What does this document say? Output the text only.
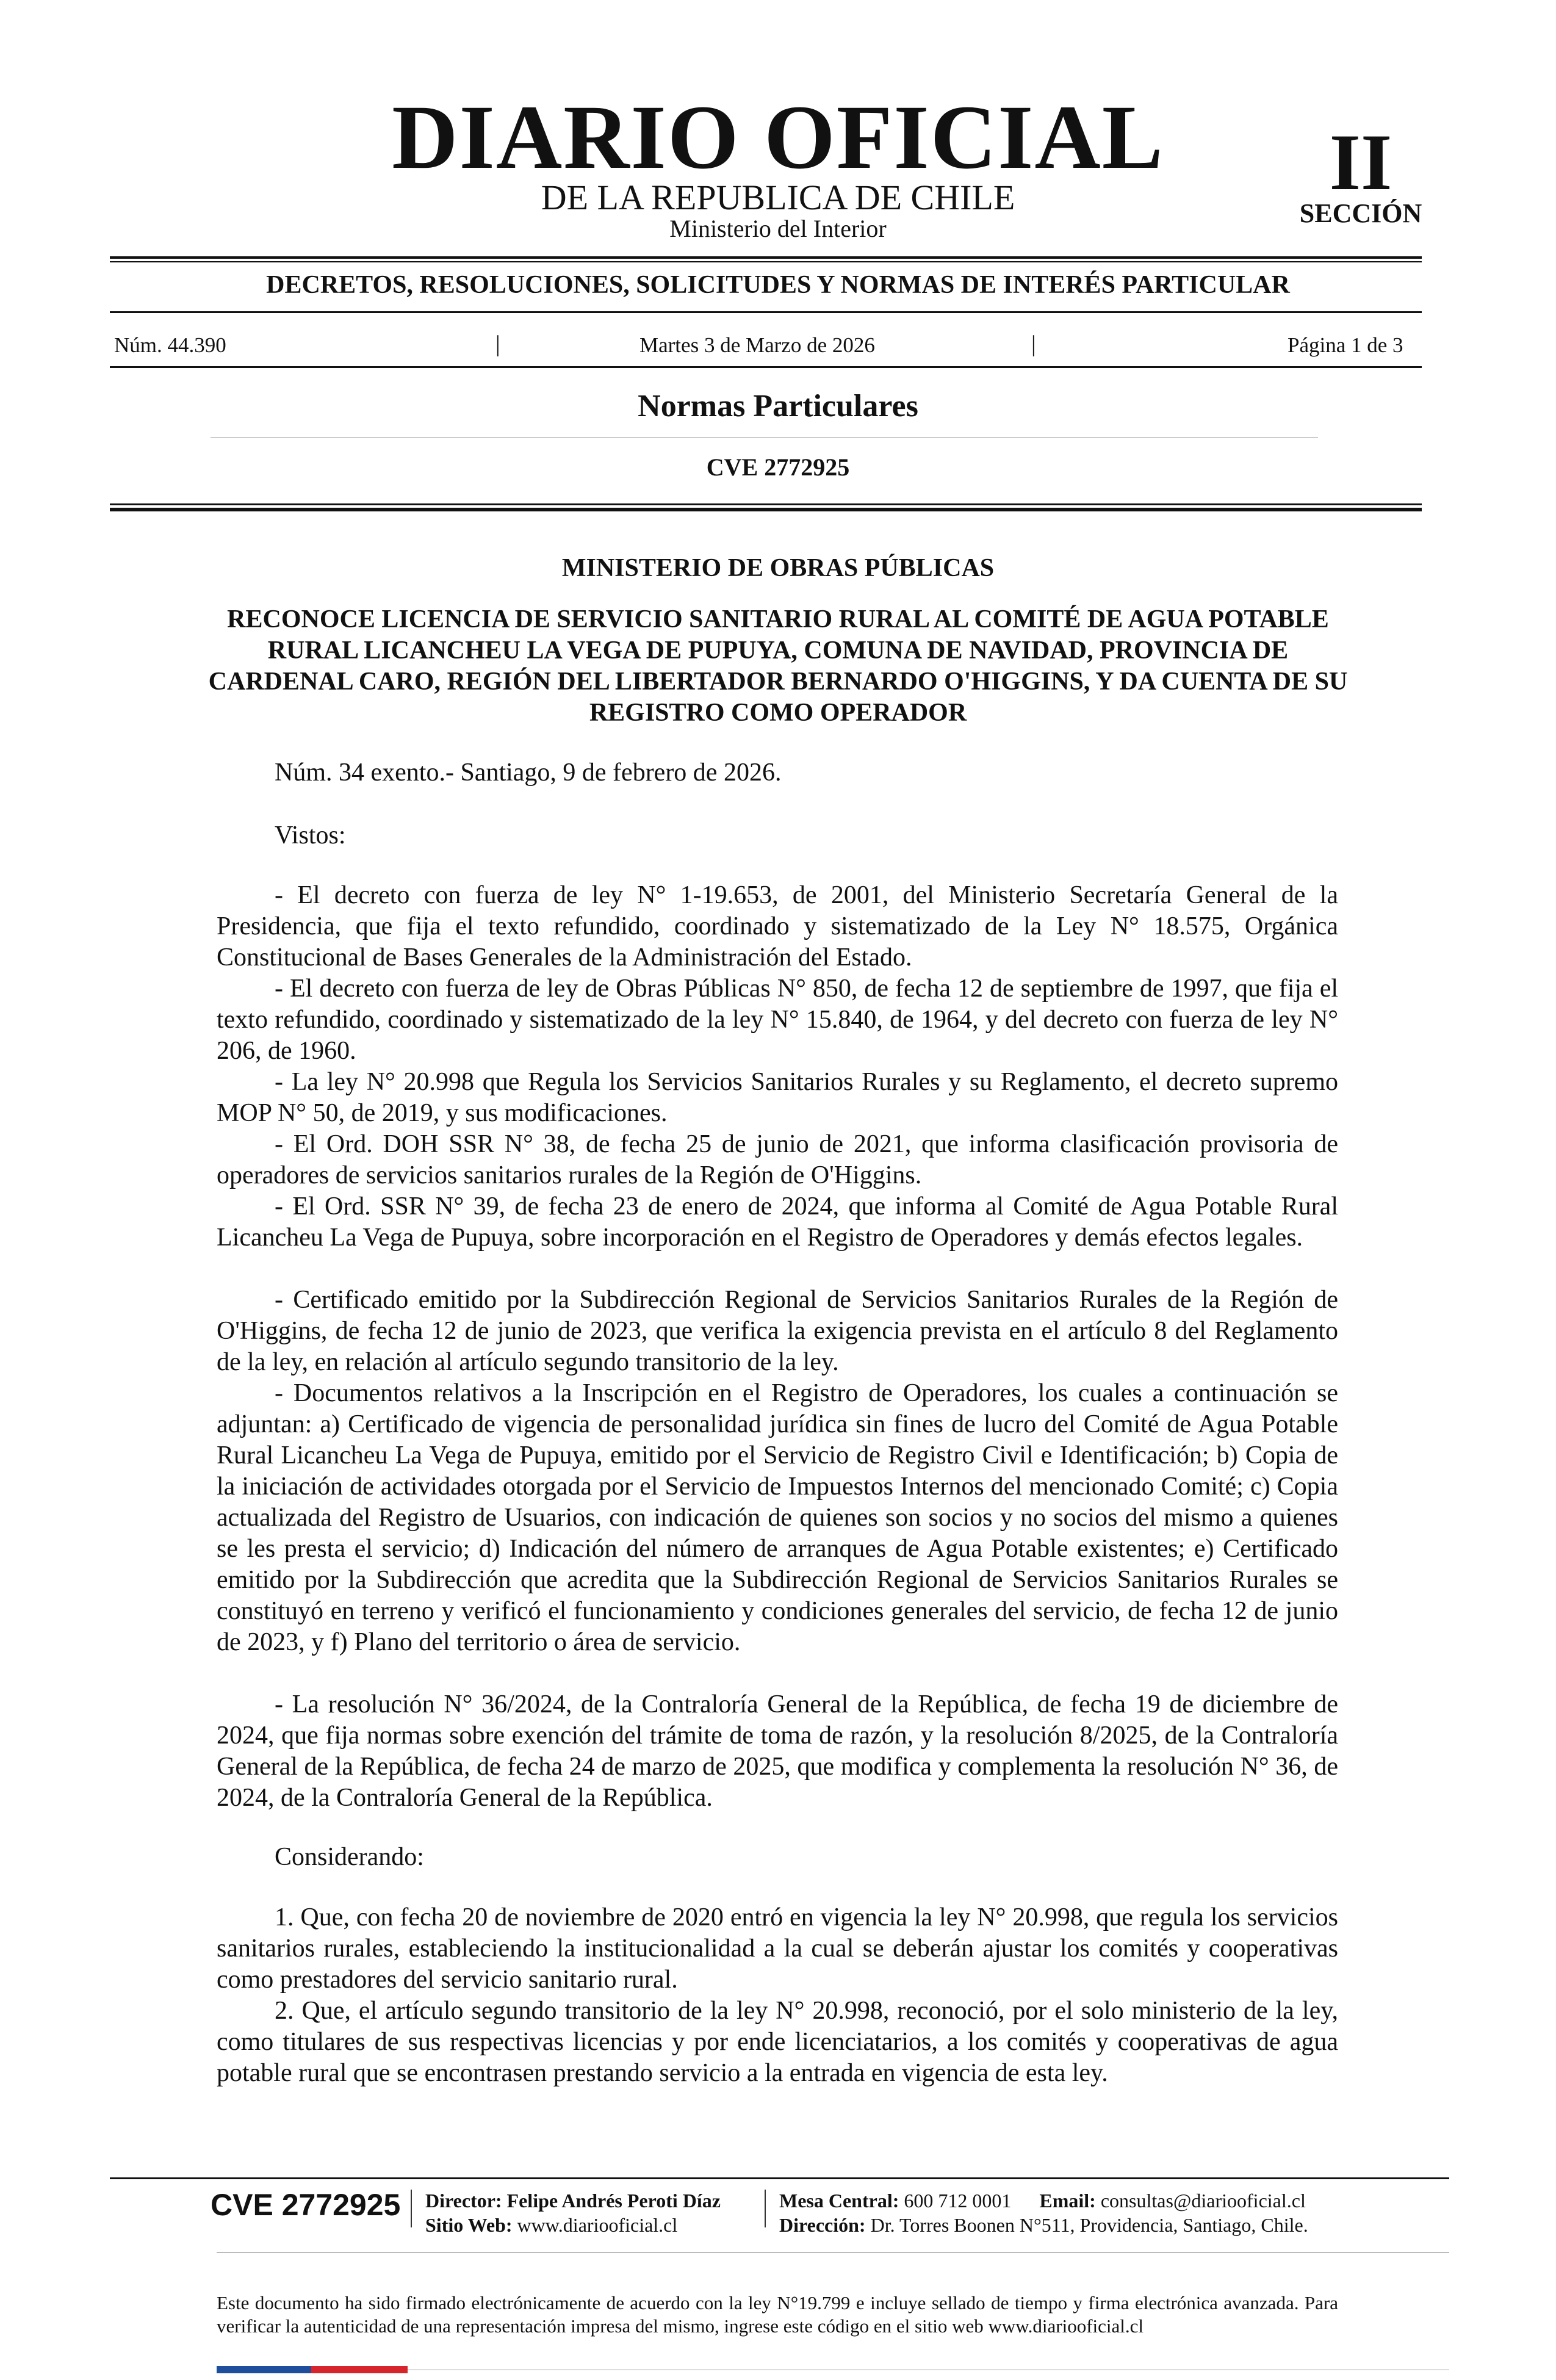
DIARIO OFICIAL
DE LA REPUBLICA DE CHILE
Ministerio del Interior
II
SECCIÓN
DECRETOS, RESOLUCIONES, SOLICITUDES Y NORMAS DE INTERÉS PARTICULAR
Núm. 44.390	|	Martes 3 de Marzo de 2026	|	Página 1 de 3
Normas Particulares
CVE 2772925
MINISTERIO DE OBRAS PÚBLICAS
RECONOCE LICENCIA DE SERVICIO SANITARIO RURAL AL COMITÉ DE AGUA POTABLE RURAL LICANCHEU LA VEGA DE PUPUYA, COMUNA DE NAVIDAD, PROVINCIA DE CARDENAL CARO, REGIÓN DEL LIBERTADOR BERNARDO O'HIGGINS, Y DA CUENTA DE SU REGISTRO COMO OPERADOR
Núm. 34 exento.- Santiago, 9 de febrero de 2026.
Vistos:

- El decreto con fuerza de ley N° 1-19.653, de 2001, del Ministerio Secretaría General de la Presidencia, que fija el texto refundido, coordinado y sistematizado de la Ley N° 18.575, Orgánica Constitucional de Bases Generales de la Administración del Estado.

- El decreto con fuerza de ley de Obras Públicas N° 850, de fecha 12 de septiembre de 1997, que fija el texto refundido, coordinado y sistematizado de la ley N° 15.840, de 1964, y del decreto con fuerza de ley N° 206, de 1960.

- La ley N° 20.998 que Regula los Servicios Sanitarios Rurales y su Reglamento, el decreto supremo MOP N° 50, de 2019, y sus modificaciones.

- El Ord. DOH SSR N° 38, de fecha 25 de junio de 2021, que informa clasificación provisoria de operadores de servicios sanitarios rurales de la Región de O'Higgins.

- El Ord. SSR N° 39, de fecha 23 de enero de 2024, que informa al Comité de Agua Potable Rural Licancheu La Vega de Pupuya, sobre incorporación en el Registro de Operadores y demás efectos legales.

- Certificado emitido por la Subdirección Regional de Servicios Sanitarios Rurales de la Región de O'Higgins, de fecha 12 de junio de 2023, que verifica la exigencia prevista en el artículo 8 del Reglamento de la ley, en relación al artículo segundo transitorio de la ley.

- Documentos relativos a la Inscripción en el Registro de Operadores, los cuales a continuación se adjuntan: a) Certificado de vigencia de personalidad jurídica sin fines de lucro del Comité de Agua Potable Rural Licancheu La Vega de Pupuya, emitido por el Servicio de Registro Civil e Identificación; b) Copia de la iniciación de actividades otorgada por el Servicio de Impuestos Internos del mencionado Comité; c) Copia actualizada del Registro de Usuarios, con indicación de quienes son socios y no socios del mismo a quienes se les presta el servicio; d) Indicación del número de arranques de Agua Potable existentes; e) Certificado emitido por la Subdirección que acredita que la Subdirección Regional de Servicios Sanitarios Rurales se constituyó en terreno y verificó el funcionamiento y condiciones generales del servicio, de fecha 12 de junio de 2023, y f) Plano del territorio o área de servicio.

- La resolución N° 36/2024, de la Contraloría General de la República, de fecha 19 de diciembre de 2024, que fija normas sobre exención del trámite de toma de razón, y la resolución 8/2025, de la Contraloría General de la República, de fecha 24 de marzo de 2025, que modifica y complementa la resolución N° 36, de 2024, de la Contraloría General de la República.

Considerando:

1. Que, con fecha 20 de noviembre de 2020 entró en vigencia la ley N° 20.998, que regula los servicios sanitarios rurales, estableciendo la institucionalidad a la cual se deberán ajustar los comités y cooperativas como prestadores del servicio sanitario rural.

2. Que, el artículo segundo transitorio de la ley N° 20.998, reconoció, por el solo ministerio de la ley, como titulares de sus respectivas licencias y por ende licenciatarios, a los comités y cooperativas de agua potable rural que se encontrasen prestando servicio a la entrada en vigencia de esta ley.

CVE 2772925 Director: Felipe Andrés Peroti Díaz
Sitio Web: www.diariooficial.cl
Mesa Central: 600 712 0001 Email: consultas@diariooficial.cl
Dirección: Dr. Torres Boonen N°511, Providencia, Santiago, Chile.
Este documento ha sido firmado electrónicamente de acuerdo con la ley N°19.799 e incluye sellado de tiempo y firma electrónica avanzada. Para verificar la autenticidad de una representación impresa del mismo, ingrese este código en el sitio web www.diariooficial.cl
